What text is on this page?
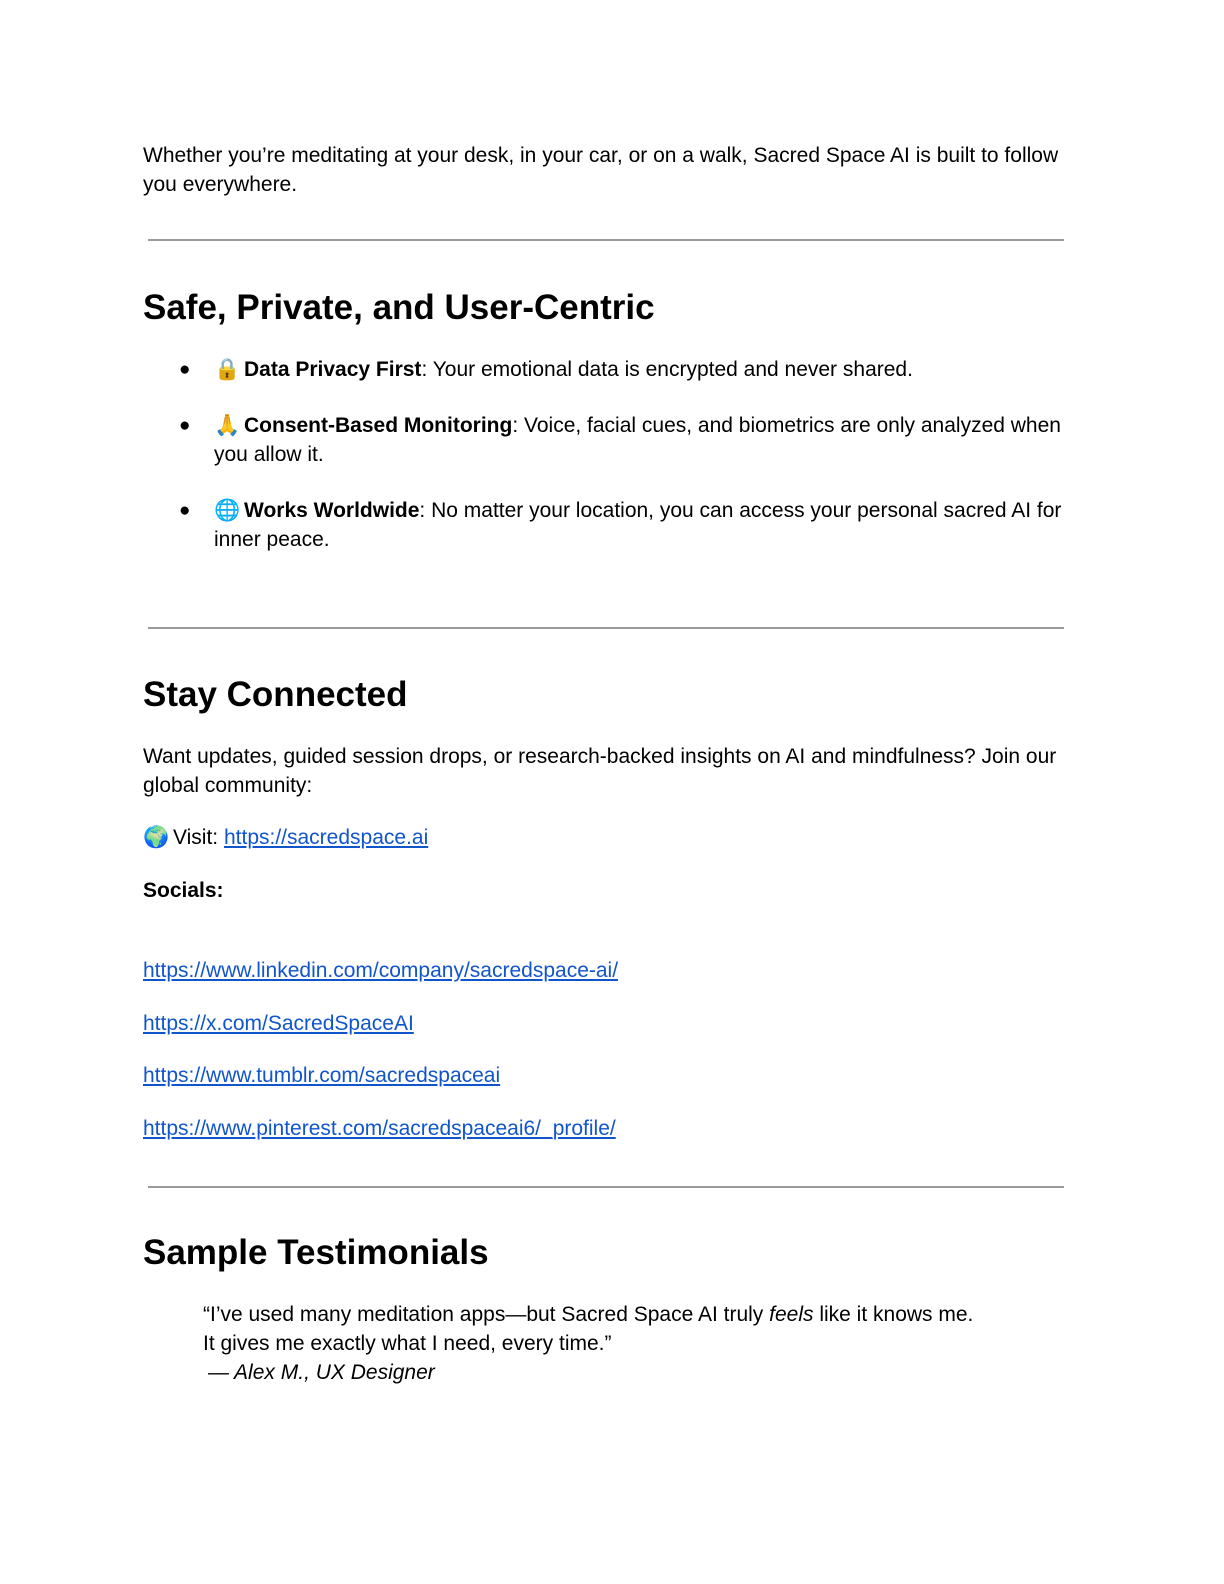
Whether you’re meditating at your desk, in your car, or on a walk, Sacred Space AI is built to follow you everywhere.

Safe, Private, and User-Centric
● 🔒 Data Privacy First: Your emotional data is encrypted and never shared.
● 🙏 Consent-Based Monitoring: Voice, facial cues, and biometrics are only analyzed when you allow it.
● 🌐 Works Worldwide: No matter your location, you can access your personal sacred AI for inner peace.
Stay Connected

Want updates, guided session drops, or research-backed insights on AI and mindfulness? Join our global community:

🌍 Visit: https://sacredspace.ai

Socials:

https://www.linkedin.com/company/sacredspace-ai/
https://x.com/SacredSpaceAI
https://www.tumblr.com/sacredspaceai
https://www.pinterest.com/sacredspaceai6/_profile/
Sample Testimonials
“I’ve used many meditation apps—but Sacred Space AI truly feels like it knows me.
It gives me exactly what I need, every time.”
— Alex M., UX Designer
